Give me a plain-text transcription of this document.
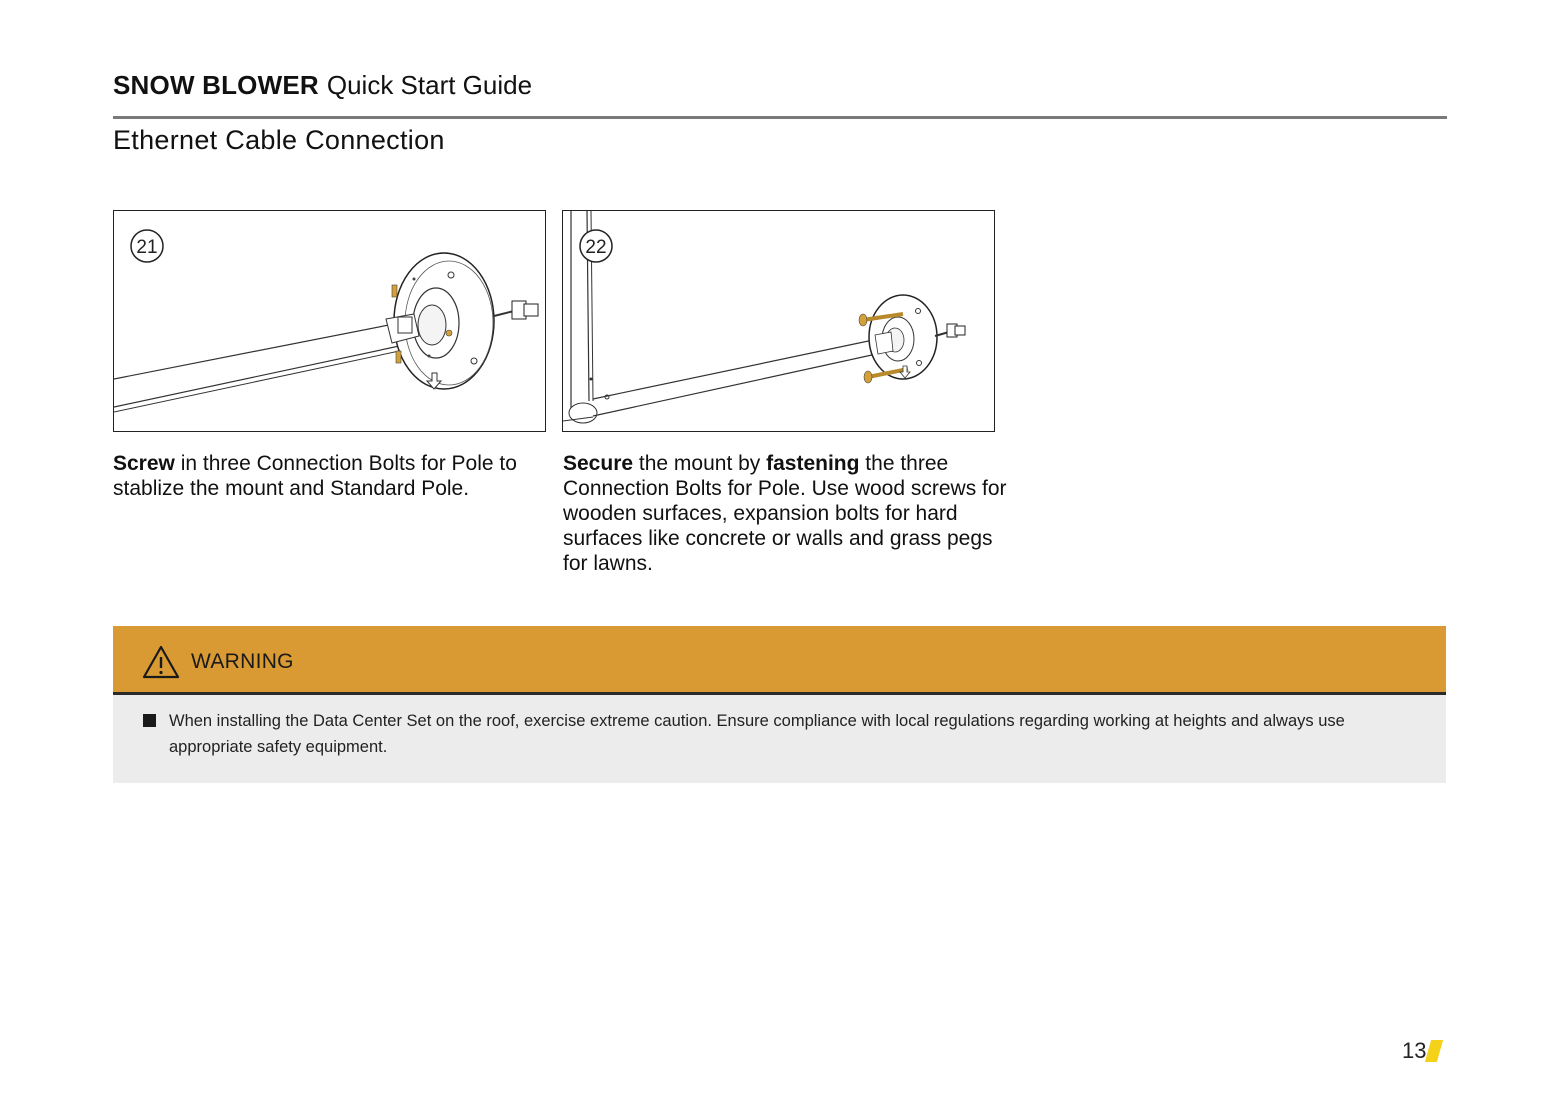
SNOW BLOWER Quick Start Guide
Ethernet Cable Connection
21	22
Screw in three Connection Bolts for Pole to stablize the mount and Standard Pole.
Secure the mount by fastening the three Connection Bolts for Pole. Use wood screws for wooden surfaces, expansion bolts for hard surfaces like concrete or walls and grass pegs for lawns.
WARNING
When installing the Data Center Set on the roof, exercise extreme caution. Ensure compliance with local regulations regarding working at heights and always use appropriate safety equipment.
13
